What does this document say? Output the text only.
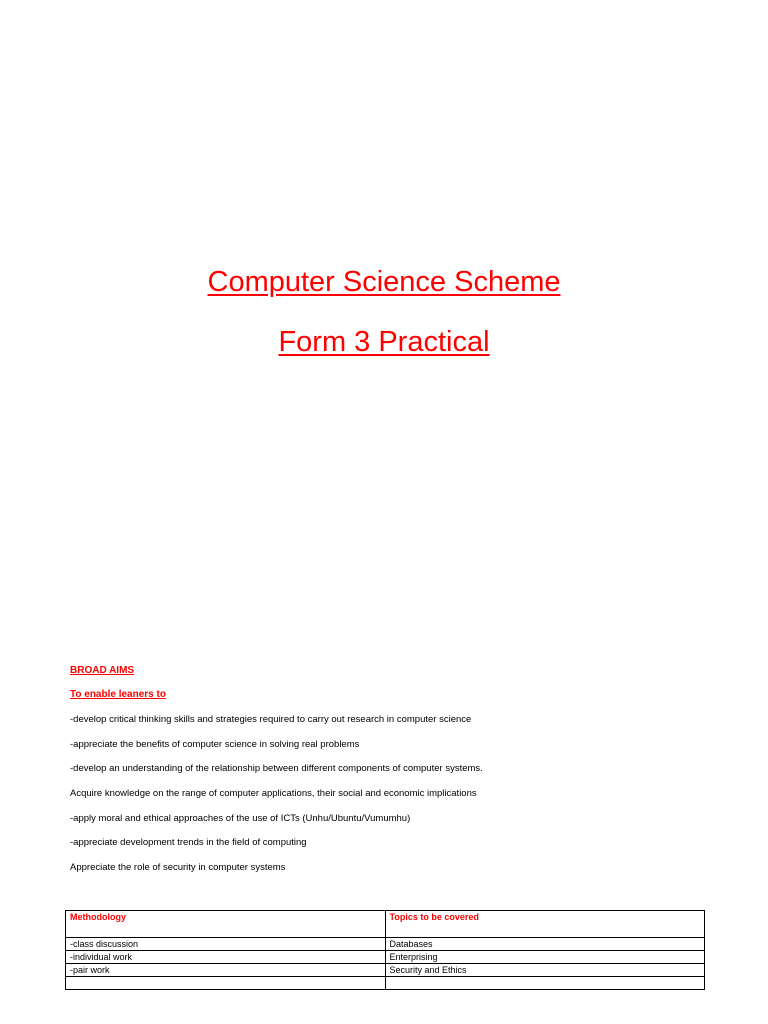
Computer Science Scheme
Form 3 Practical

BROAD AIMS

To enable leaners to

-develop critical thinking skills and strategies required to carry out research in computer science
-appreciate the benefits of computer science in solving real problems
-develop an understanding of the relationship between different components of computer systems.
Acquire knowledge on the range of computer applications, their social and economic implications
-apply moral and ethical approaches of the use of ICTs (Unhu/Ubuntu/Vumumhu)
-appreciate development trends in the field of computing
Appreciate the role of security in computer systems
Methodology	Topics to be covered
-class discussion	Databases
-individual work	Enterprising
-pair work	Security and Ethics
